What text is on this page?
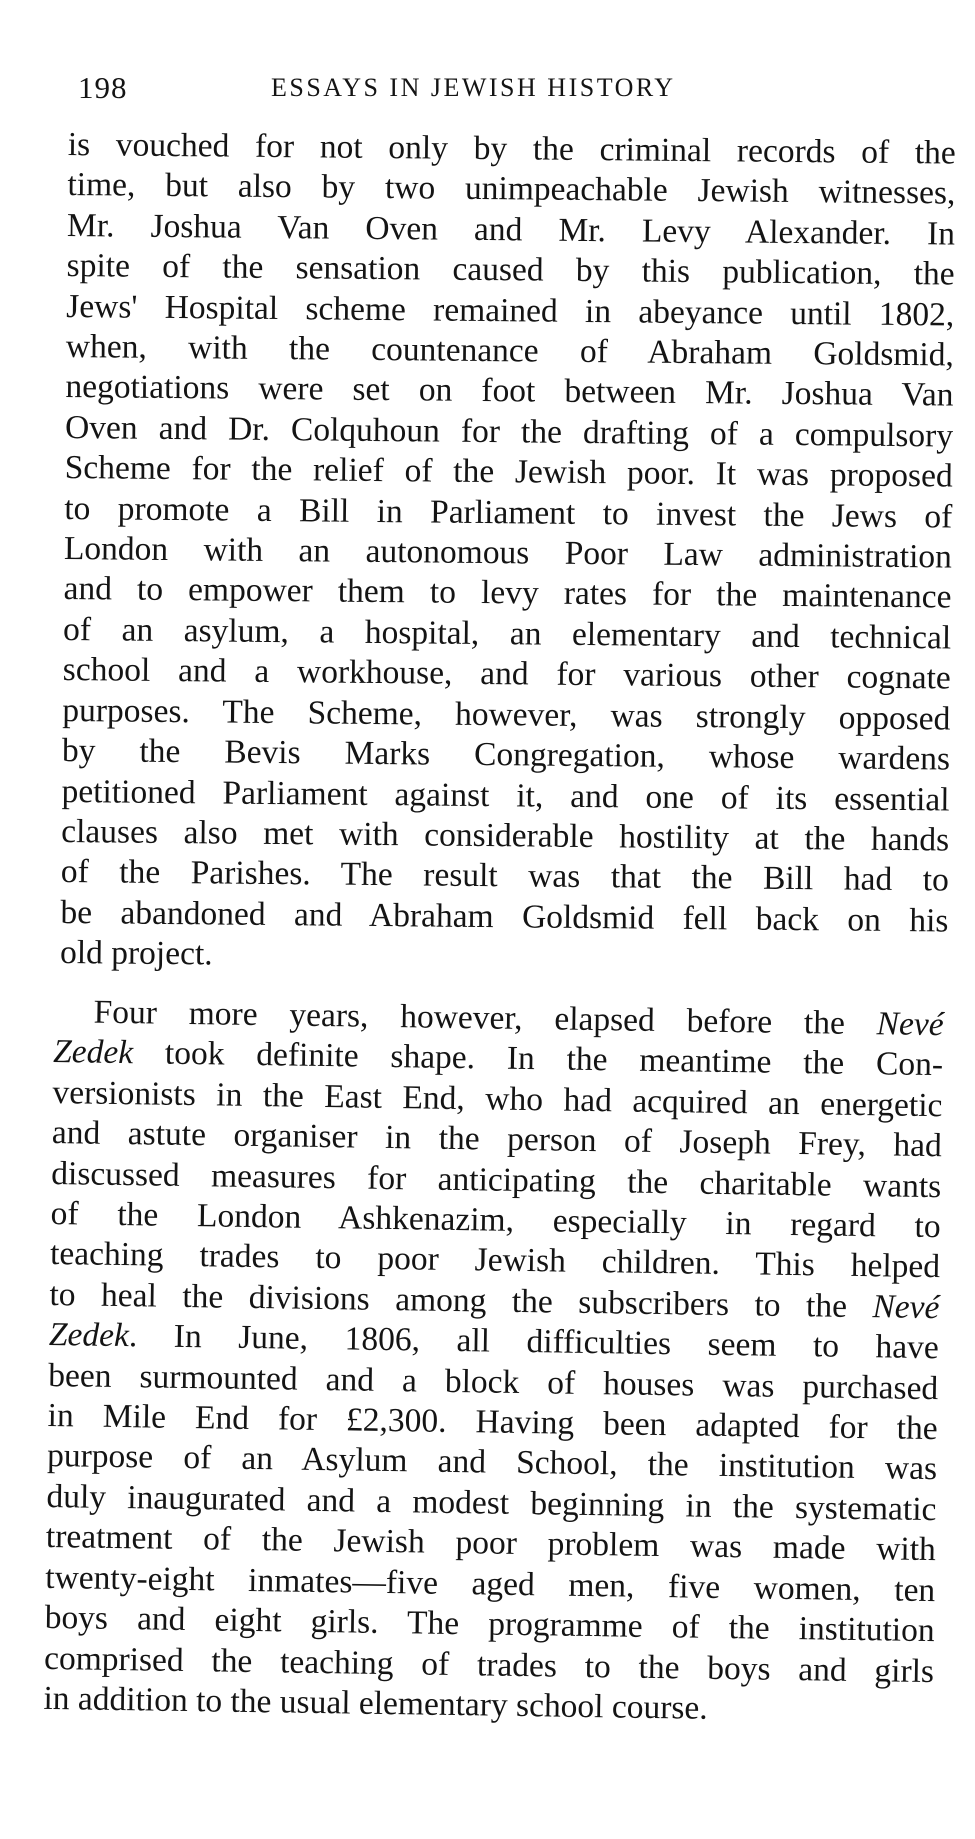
198	ESSAYS IN JEWISH HISTORY
is vouched for not only by the criminal records of the
time, but also by two unimpeachable Jewish witnesses,
Mr. Joshua Van Oven and Mr. Levy Alexander. In
spite of the sensation caused by this publication, the
Jews' Hospital scheme remained in abeyance until 1802,
when, with the countenance of Abraham Goldsmid,
negotiations were set on foot between Mr. Joshua Van
Oven and Dr. Colquhoun for the drafting of a compulsory
Scheme for the relief of the Jewish poor. It was proposed
to promote a Bill in Parliament to invest the Jews of
London with an autonomous Poor Law administration
and to empower them to levy rates for the maintenance
of an asylum, a hospital, an elementary and technical
school and a workhouse, and for various other cognate
purposes. The Scheme, however, was strongly opposed
by the Bevis Marks Congregation, whose wardens
petitioned Parliament against it, and one of its essential
clauses also met with considerable hostility at the hands
of the Parishes. The result was that the Bill had to
be abandoned and Abraham Goldsmid fell back on his
old project.
Four more years, however, elapsed before the Nevé
Zedek took definite shape. In the meantime the Con-
versionists in the East End, who had acquired an energetic
and astute organiser in the person of Joseph Frey, had
discussed measures for anticipating the charitable wants
of the London Ashkenazim, especially in regard to
teaching trades to poor Jewish children. This helped
to heal the divisions among the subscribers to the Nevé
Zedek. In June, 1806, all difficulties seem to have
been surmounted and a block of houses was purchased
in Mile End for £2,300. Having been adapted for the
purpose of an Asylum and School, the institution was
duly inaugurated and a modest beginning in the systematic
treatment of the Jewish poor problem was made with
twenty-eight inmates—five aged men, five women, ten
boys and eight girls. The programme of the institution
comprised the teaching of trades to the boys and girls
in addition to the usual elementary school course.
